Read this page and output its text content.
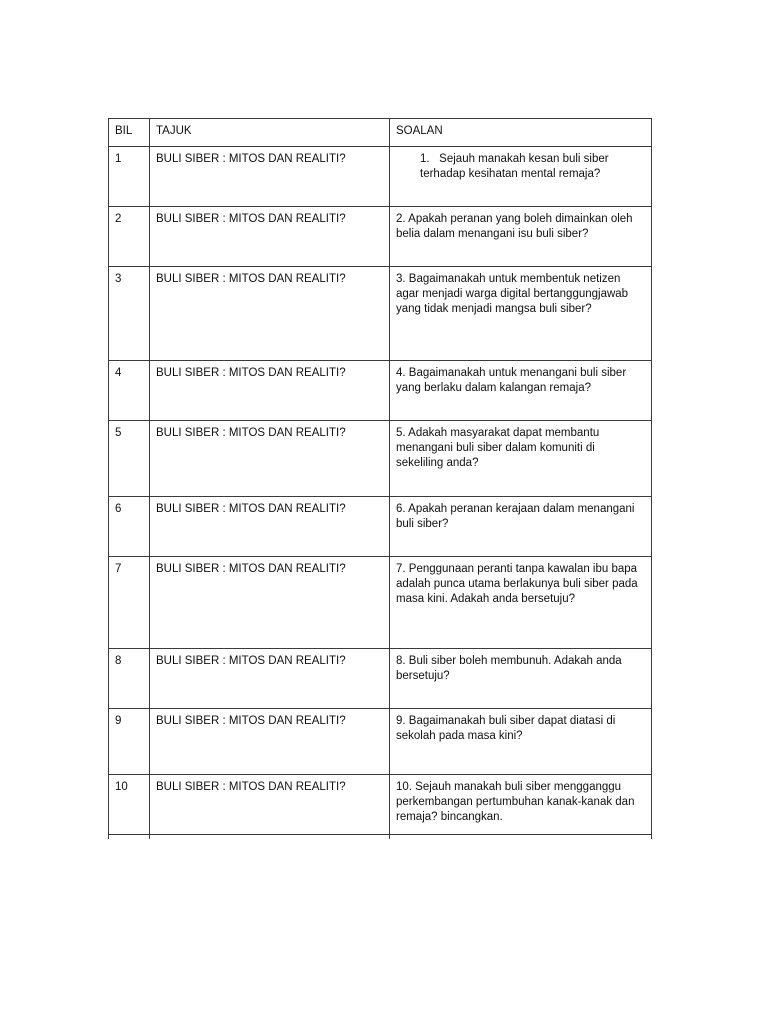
BIL	TAJUK	SOALAN
1	BULI SIBER : MITOS DAN REALITI?	1.   Sejauh manakah kesan buli siber terhadap kesihatan mental remaja?
2	BULI SIBER : MITOS DAN REALITI?	2. Apakah peranan yang boleh dimainkan oleh belia dalam menangani isu buli siber?
3	BULI SIBER : MITOS DAN REALITI?	3. Bagaimanakah untuk membentuk netizen agar menjadi warga digital bertanggungjawab yang tidak menjadi mangsa buli siber?
4	BULI SIBER : MITOS DAN REALITI?	4. Bagaimanakah untuk menangani buli siber yang berlaku dalam kalangan remaja?
5	BULI SIBER : MITOS DAN REALITI?	5. Adakah masyarakat dapat membantu menangani buli siber dalam komuniti di sekeliling anda?
6	BULI SIBER : MITOS DAN REALITI?	6. Apakah peranan kerajaan dalam menangani buli siber?
7	BULI SIBER : MITOS DAN REALITI?	7. Penggunaan peranti tanpa kawalan ibu bapa adalah punca utama berlakunya buli siber pada masa kini. Adakah anda bersetuju?
8	BULI SIBER : MITOS DAN REALITI?	8. Buli siber boleh membunuh. Adakah anda bersetuju?
9	BULI SIBER : MITOS DAN REALITI?	9. Bagaimanakah buli siber dapat diatasi di sekolah pada masa kini?
10	BULI SIBER : MITOS DAN REALITI?	10. Sejauh manakah buli siber mengganggu perkembangan pertumbuhan kanak-kanak dan remaja? bincangkan.
